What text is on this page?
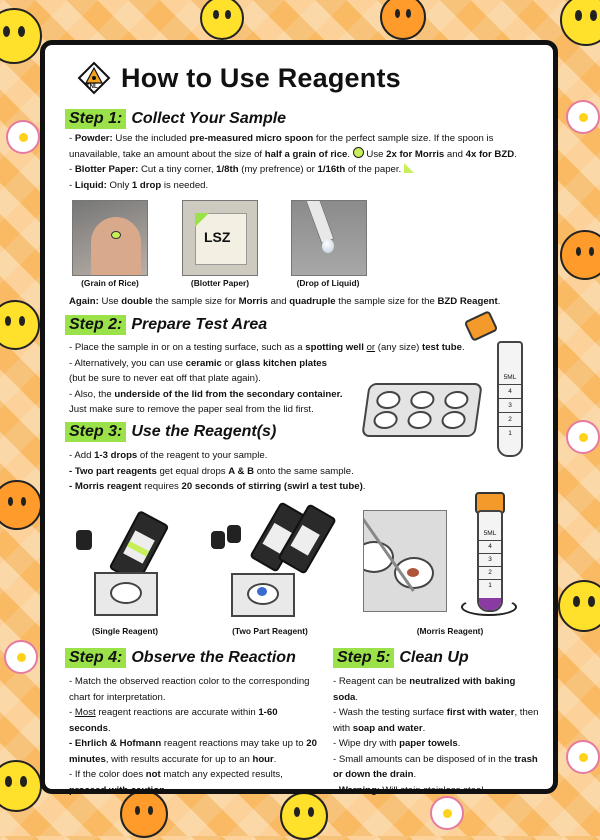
TNL How to Use Reagents
Step 1: Collect Your Sample

- Powder: Use the included pre-measured micro spoon for the perfect sample size. If the spoon is unavailable, take an amount about the size of half a grain of rice.  Use 2x for Morris and 4x for BZD.

- Blotter Paper: Cut a tiny corner, 1/8th (my prefrence) or 1/16th of the paper.

- Liquid: Only 1 drop is needed.

(Grain of Rice)
LSZ
(Blotter Paper)	(Drop of Liquid)

Again: Use double the sample size for Morris and quadruple the sample size for the BZD Reagent.

Step 2: Prepare Test Area

- Place the sample in or on a testing surface, such as a spotting well or (any size) test tube.

- Alternatively, you can use ceramic or glass kitchen plates

(but be sure to never eat off that plate again).

- Also, the underside of the lid from the secondary container.

Just make sure to remove the paper seal from the lid first.

5ML
4
3
2
1
Step 3: Use the Reagent(s)

- Add 1-3 drops of the reagent to your sample.

- Two part reagents get equal drops A & B onto the same sample.

- Morris reagent requires 20 seconds of stirring (swirl a test tube).

(Single Reagent)	(Two Part Reagent)
5ML
4
3
2
1
(Morris Reagent)
Step 4: Observe the Reaction

- Match the observed reaction color to the corresponding chart for interpretation.

- Most reagent reactions are accurate within 1-60 seconds.

- Ehrlich & Hofmann reagent reactions may take up to 20 minutes, with results accurate for up to an hour.

- If the color does not match any expected results, proceed with caution.

Step 5: Clean Up

- Reagent can be neutralized with baking soda.

- Wash the testing surface first with water, then with soap and water.

- Wipe dry with paper towels.

- Small amounts can be disposed of in the trash or down the drain.

- Warning: Will stain stainless steel...
